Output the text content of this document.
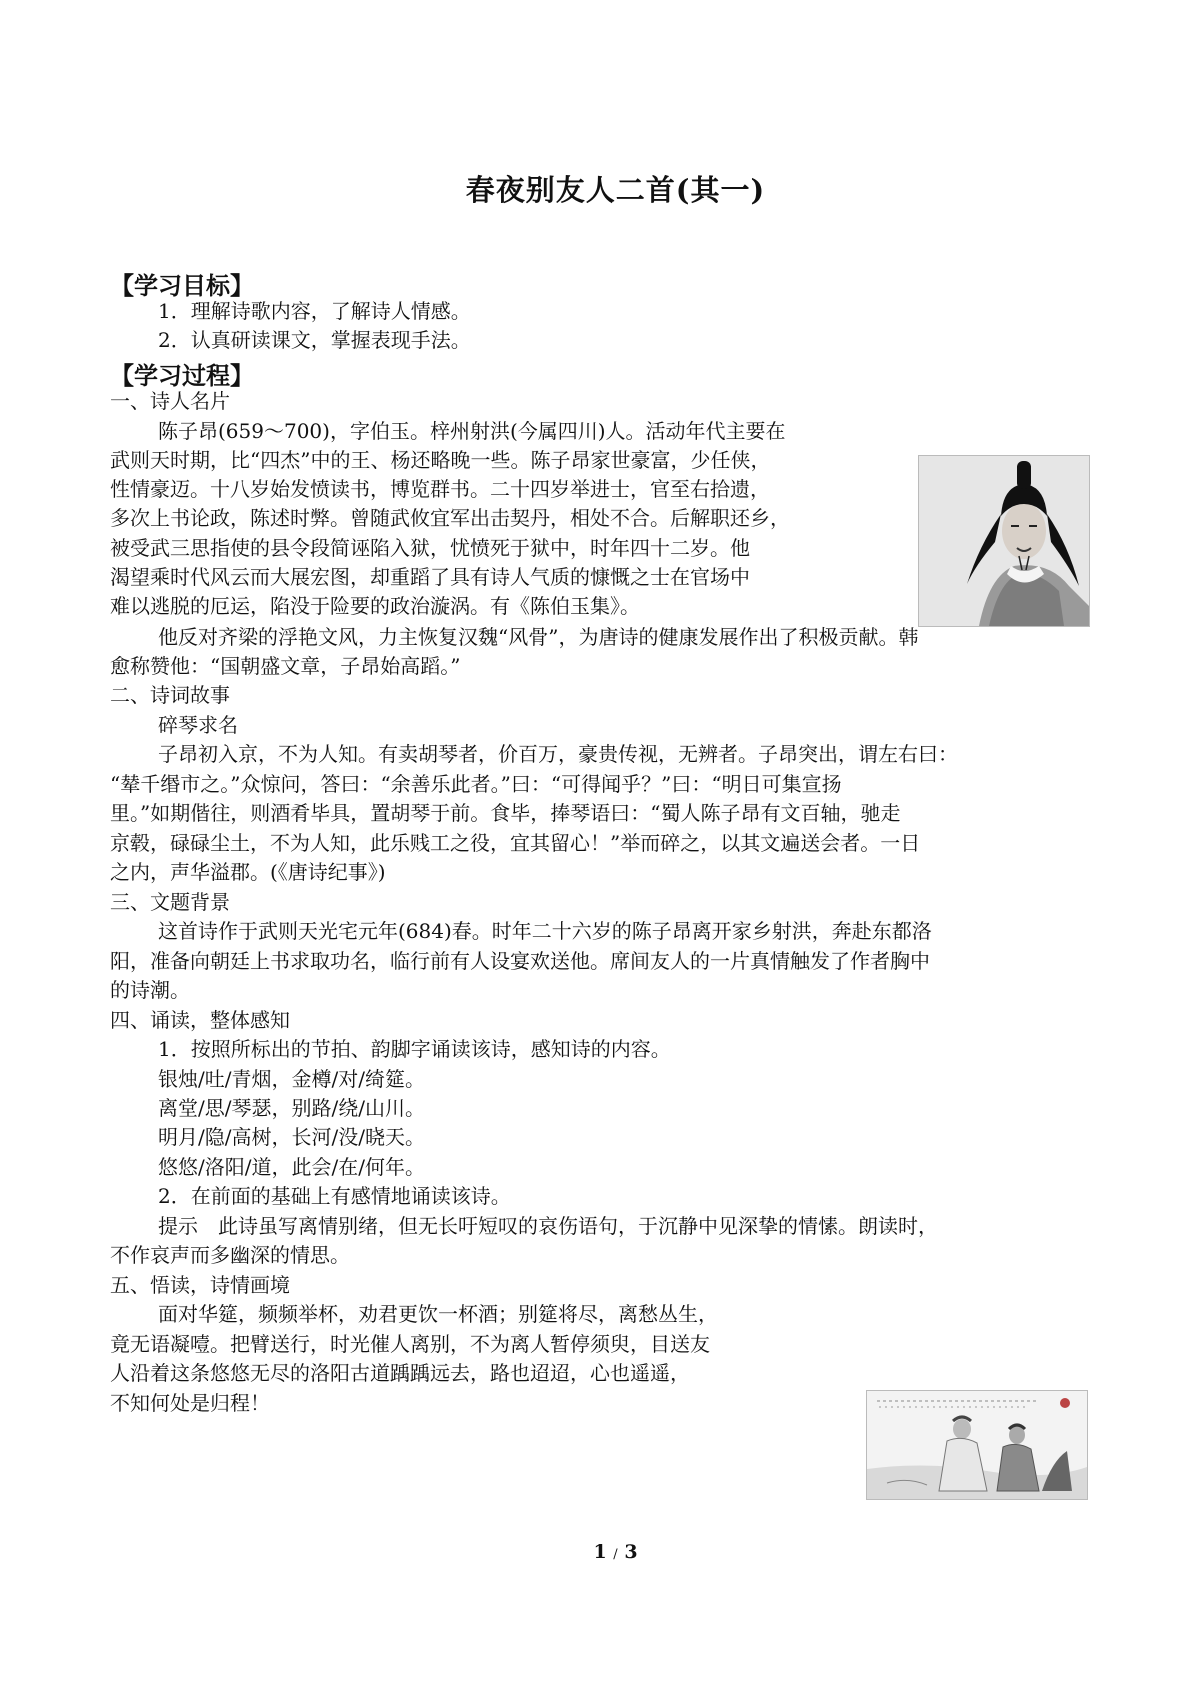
春夜别友人二首(其一)
【学习目标】
1．理解诗歌内容，了解诗人情感。
2．认真研读课文，掌握表现手法。
【学习过程】
一、诗人名片
陈子昂(659～700)，字伯玉。梓州射洪(今属四川)人。活动年代主要在
武则天时期，比“四杰”中的王、杨还略晚一些。陈子昂家世豪富，少任侠，
性情豪迈。十八岁始发愤读书，博览群书。二十四岁举进士，官至右拾遗，
多次上书论政，陈述时弊。曾随武攸宜军出击契丹，相处不合。后解职还乡，
被受武三思指使的县令段简诬陷入狱，忧愤死于狱中，时年四十二岁。他
渴望乘时代风云而大展宏图，却重蹈了具有诗人气质的慷慨之士在官场中
难以逃脱的厄运，陷没于险要的政治漩涡。有《陈伯玉集》。
他反对齐梁的浮艳文风，力主恢复汉魏“风骨”，为唐诗的健康发展作出了积极贡献。韩
愈称赞他：“国朝盛文章，子昂始高蹈。”
二、诗词故事
碎琴求名
子昂初入京，不为人知。有卖胡琴者，价百万，豪贵传视，无辨者。子昂突出，谓左右曰：
“辇千缗市之。”众惊问，答曰：“余善乐此者。”曰：“可得闻乎？”曰：“明日可集宣扬
里。”如期偕往，则酒肴毕具，置胡琴于前。食毕，捧琴语曰：“蜀人陈子昂有文百轴，驰走
京毂，碌碌尘土，不为人知，此乐贱工之役，宜其留心！”举而碎之，以其文遍送会者。一日
之内，声华溢郡。(《唐诗纪事》)
三、文题背景
这首诗作于武则天光宅元年(684)春。时年二十六岁的陈子昂离开家乡射洪，奔赴东都洛
阳，准备向朝廷上书求取功名，临行前有人设宴欢送他。席间友人的一片真情触发了作者胸中
的诗潮。
四、诵读，整体感知
1．按照所标出的节拍、韵脚字诵读该诗，感知诗的内容。
银烛/吐/青烟，金樽/对/绮筵。
离堂/思/琴瑟，别路/绕/山川。
明月/隐/高树，长河/没/晓天。
悠悠/洛阳/道，此会/在/何年。
2．在前面的基础上有感情地诵读该诗。
提示　此诗虽写离情别绪，但无长吁短叹的哀伤语句，于沉静中见深挚的情愫。朗读时，
不作哀声而多幽深的情思。
五、悟读，诗情画境
面对华筵，频频举杯，劝君更饮一杯酒；别筵将尽，离愁丛生，
竟无语凝噎。把臂送行，时光催人离别，不为离人暂停须臾，目送友
人沿着这条悠悠无尽的洛阳古道踽踽远去，路也迢迢，心也遥遥，
不知何处是归程！
1 / 3
